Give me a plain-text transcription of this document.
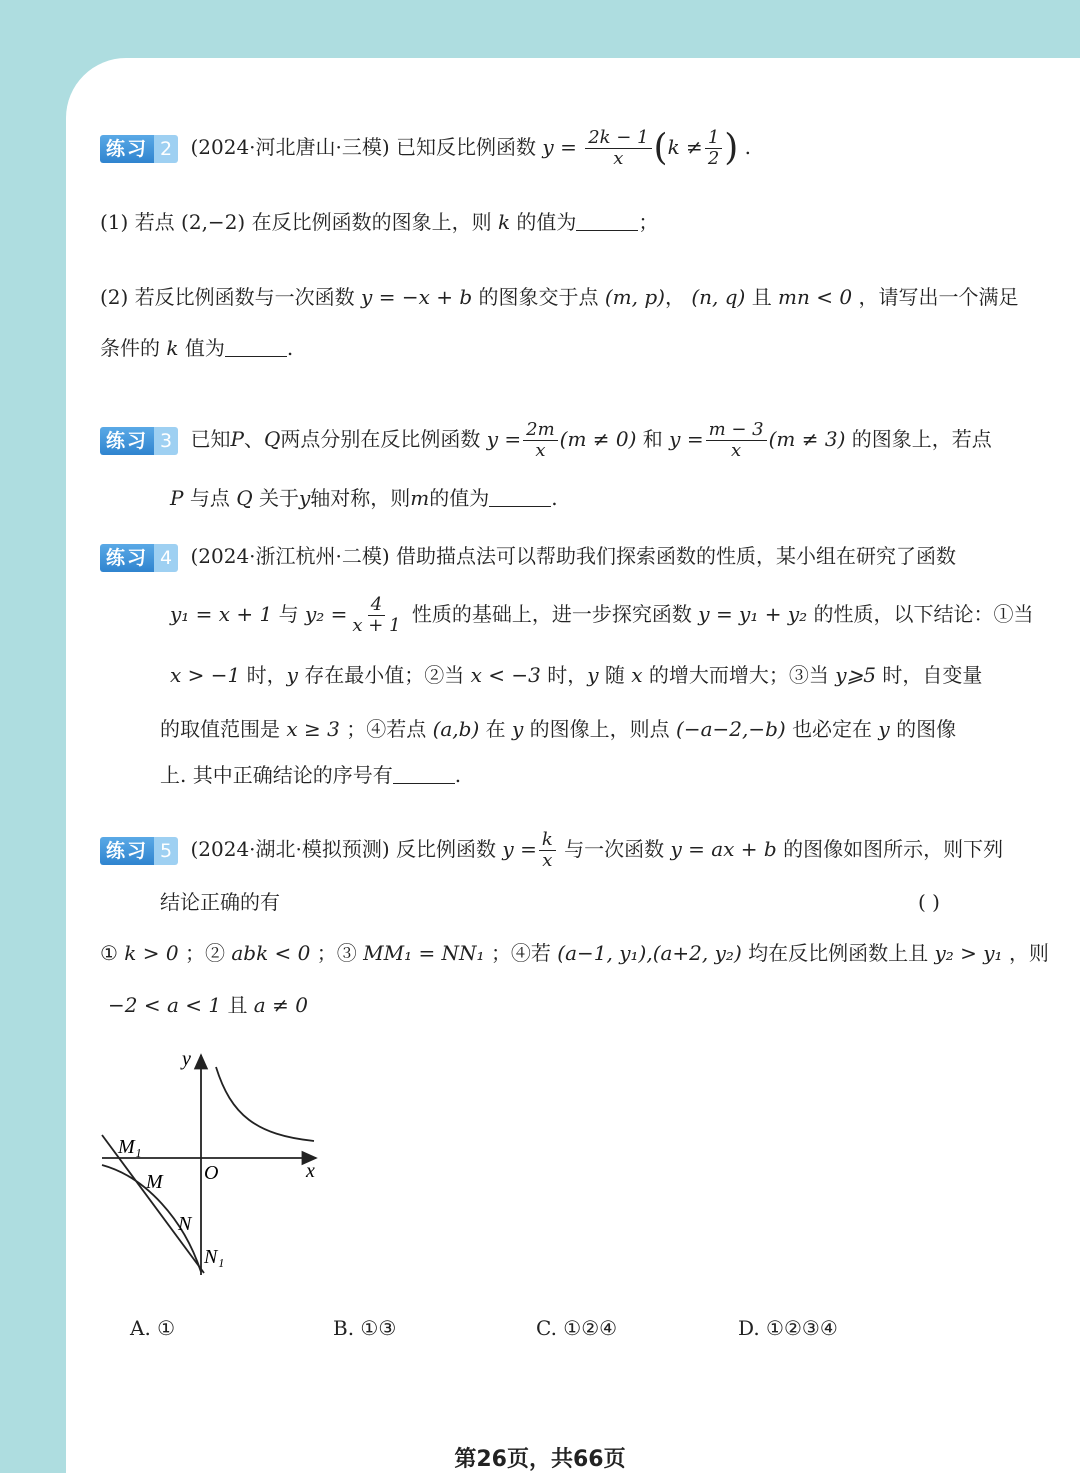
练习 2 (2024·河北唐山·三模) 已知反比例函数 $y = \frac{2k - 1}{x} (k \ne \frac{1}{2}$ ) .
(1) 若点 (2,−2) 在反比例函数的图象上，则 k 的值为	；
(2) 若反比例函数与一次函数 y = −x + b 的图象交于点 (m, p)， (n, q) 且 mn < 0 ，请写出一个满足
条件的 k 值为	.
练习 3 已知P、Q两点分别在反比例函数 $y = \frac{2m}{x} (m \ne 0)$ 和 $y = \frac{m - 3}{x} (m \ne 3)$ 的图象上，若点
P 与点 Q 关于y轴对称，则m的值为	.
练习 4 (2024·浙江杭州·二模) 借助描点法可以帮助我们探索函数的性质，某小组在研究了函数
y₁ = x + 1 与 $y_2 = \frac{4}{x + 1}$ 性质的基础上，进一步探究函数 y = y₁ + y₂ 的性质，以下结论：①当
x > −1 时，y 存在最小值；②当 x < −3 时，y 随 x 的增大而增大；③当 y⩾5 时，自变量
的取值范围是 x ≥ 3 ；④若点 (a,b) 在 y 的图像上，则点 (−a−2,−b) 也必定在 y 的图像
上. 其中正确结论的序号有	.
练习 5 (2024·湖北·模拟预测) 反比例函数 $y = \frac{k}{x}$ 与一次函数 y = ax + b 的图像如图所示，则下列
结论正确的有	( )
① k > 0 ；② abk < 0 ；③ MM₁ = NN₁ ；④若 (a−1, y₁),(a+2, y₂) 均在反比例函数上且 y₂ > y₁ ，则
−2 < a < 1 且 a ≠ 0
y
x
O
M₁
M
N
N₁
A. ①	B. ①③	C. ①②④	D. ①②③④
第26页，共66页
